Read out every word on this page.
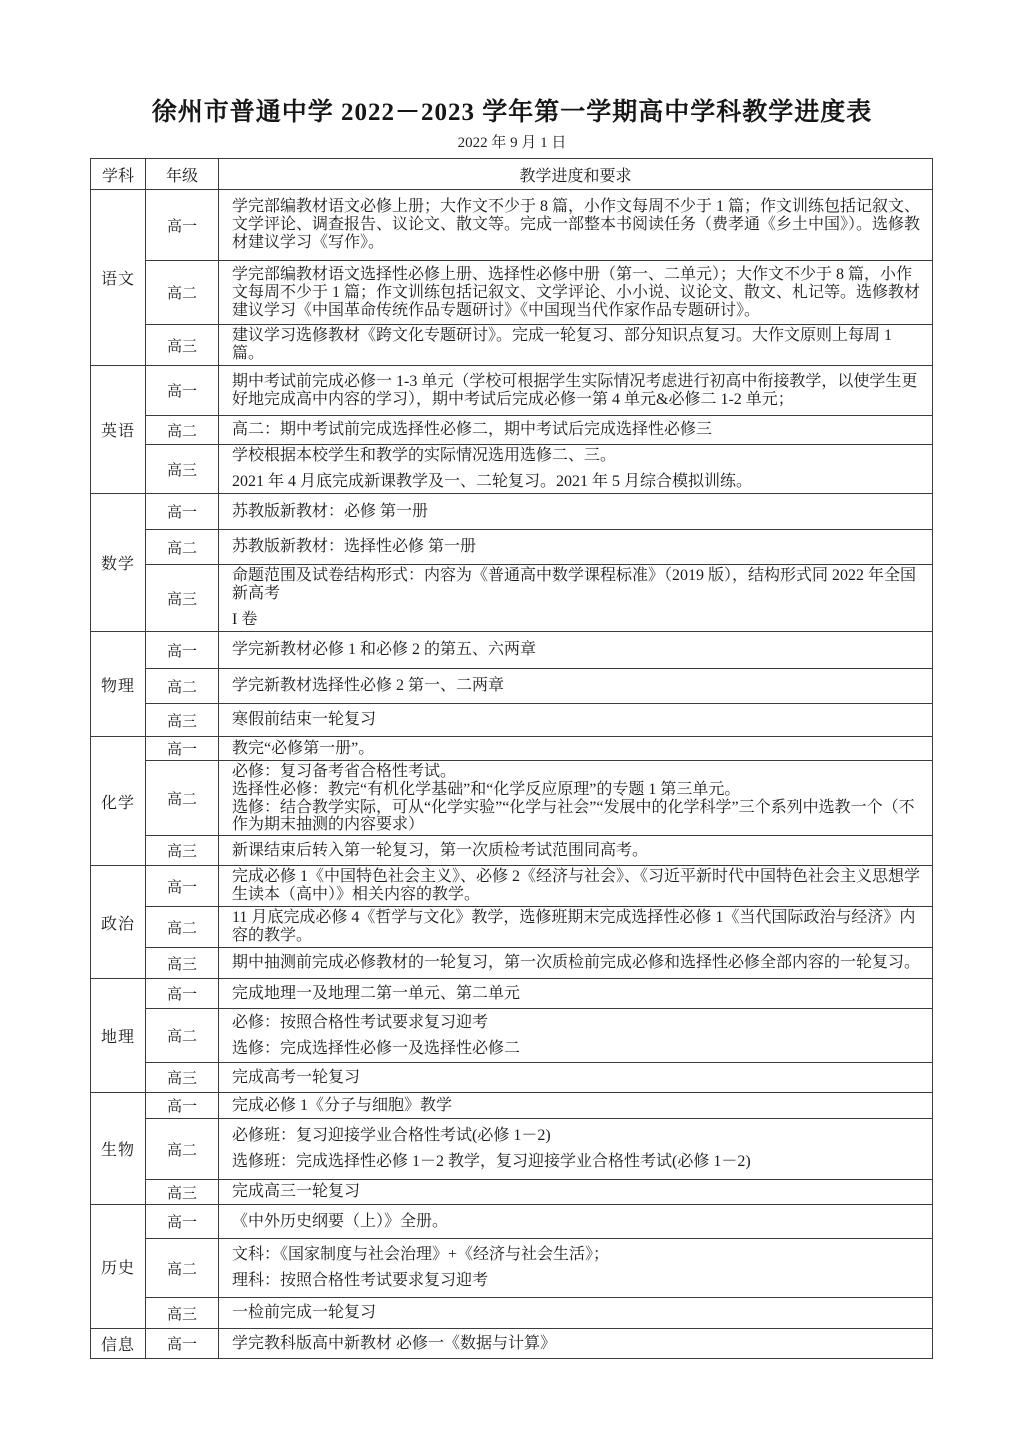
徐州市普通中学 2022－2023 学年第一学期高中学科教学进度表
2022 年 9 月 1 日
学科	年级	教学进度和要求
语文	高一	学完部编教材语文必修上册；大作文不少于 8 篇，小作文每周不少于 1 篇；作文训练包括记叙文、文学评论、调查报告、议论文、散文等。完成一部整本书阅读任务（费孝通《乡土中国》）。选修教材建议学习《写作》。

	高二	学完部编教材语文选择性必修上册、选择性必修中册（第一、二单元）；大作文不少于 8 篇，小作文每周不少于 1 篇；作文训练包括记叙文、文学评论、小小说、议论文、散文、札记等。选修教材建议学习《中国革命传统作品专题研讨》《中国现当代作家作品专题研讨》。

	高三	建议学习选修教材《跨文化专题研讨》。完成一轮复习、部分知识点复习。大作文原则上每周 1 篇。

英语	高一	期中考试前完成必修一 1-3 单元（学校可根据学生实际情况考虑进行初高中衔接教学，以使学生更好地完成高中内容的学习），期中考试后完成必修一第 4 单元&必修二 1-2 单元；

	高二	高二：期中考试前完成选择性必修二，期中考试后完成选择性必修三

	高三	学校根据本校学生和教学的实际情况选用选修二、三。
2021 年 4 月底完成新课教学及一、二轮复习。2021 年 5 月综合模拟训练。

数学	高一	苏教版新教材：必修 第一册

	高二	苏教版新教材：选择性必修 第一册

	高三	命题范围及试卷结构形式：内容为《普通高中数学课程标准》（2019 版），结构形式同 2022 年全国新高考
I 卷

物理	高一	学完新教材必修 1 和必修 2 的第五、六两章

	高二	学完新教材选择性必修 2 第一、二两章

	高三	寒假前结束一轮复习

化学	高一	教完“必修第一册”。

	高二	必修：复习备考省合格性考试。
选择性必修：教完“有机化学基础”和“化学反应原理”的专题 1 第三单元。
选修：结合教学实际，可从“化学实验”“化学与社会”“发展中的化学科学”三个系列中选教一个（不作为期末抽测的内容要求）

	高三	新课结束后转入第一轮复习，第一次质检考试范围同高考。

政治	高一	完成必修 1《中国特色社会主义》、必修 2《经济与社会》、《习近平新时代中国特色社会主义思想学生读本（高中）》相关内容的教学。

	高二	11 月底完成必修 4《哲学与文化》教学，选修班期末完成选择性必修 1《当代国际政治与经济》内容的教学。

	高三	期中抽测前完成必修教材的一轮复习，第一次质检前完成必修和选择性必修全部内容的一轮复习。

地理	高一	完成地理一及地理二第一单元、第二单元

	高二	必修：按照合格性考试要求复习迎考
选修：完成选择性必修一及选择性必修二

	高三	完成高考一轮复习

生物	高一	完成必修 1《分子与细胞》教学

	高二	必修班：复习迎接学业合格性考试(必修 1－2)
选修班：完成选择性必修 1－2 教学，复习迎接学业合格性考试(必修 1－2)

	高三	完成高三一轮复习

历史	高一	《中外历史纲要（上）》全册。

	高二	文科：《国家制度与社会治理》+《经济与社会生活》；
理科：按照合格性考试要求复习迎考

	高三	一检前完成一轮复习

信息	高一	学完教科版高中新教材 必修一《数据与计算》
